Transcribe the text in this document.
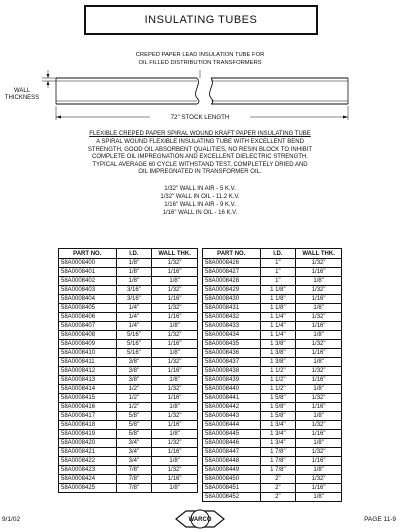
INSULATING TUBES
CREPED PAPER LEAD INSULATION TUBE FOR
OIL FILLED DISTRIBUTION TRANSFORMERS
WALL
THICKNESS
72" STOCK LENGTH
FLEXIBLE CREPED PAPER SPIRAL WOUND KRAFT PAPER INSULATING TUBE
A SPIRAL WOUND FLEXIBLE INSULATING TUBE WITH EXCELLENT BEND
STRENGTH, GOOD OIL ABSORBENT QUALITIES, NO RESIN BLOCK TO INHIBIT
COMPLETE OIL IMPREGNATION AND EXCELLENT DIELECTRIC STRENGTH.
TYPICAL AVERAGE 60 CYCLE WITHSTAND TEST, COMPLETELY DRIED AND
OIL IMPREGNATED IN TRANSFORMER OIL.
1/32" WALL IN AIR - 5 K.V.
1/32" WALL IN OIL - 11.2 K.V.
1/16" WALL IN AIR - 9 K.V.
1/16" WALL IN OIL - 16 K.V.
PART NO.	I.D.	WALL THK.
58A0008400	1/8"	1/32"
58A0008401	1/8"	1/16"
58A0008402	1/8"	1/8"
58A0008403	3/16"	1/32"
58A0008404	3/16"	1/16"
58A0008405	1/4"	1/32"
58A0008406	1/4"	1/16"
58A0008407	1/4"	1/8"
58A0008408	5/16"	1/32"
58A0008409	5/16"	1/16"
58A0008410	5/16"	1/8"
58A0008411	3/8"	1/32"
58A0008412	3/8"	1/16"
58A0008413	3/8"	1/8"
58A0008414	1/2"	1/32"
58A0008415	1/2"	1/16"
58A0008416	1/2"	1/8"
58A0008417	5/8"	1/32"
58A0008418	5/8"	1/16"
58A0008419	5/8"	1/8"
58A0008420	3/4"	1/32"
58A0008421	3/4"	1/16"
58A0008422	3/4"	1/8"
58A0008423	7/8"	1/32"
58A0008424	7/8"	1/16"
58A0008425	7/8"	1/8"
PART NO.	I.D.	WALL THK.
58A0008426	1"	1/32"
58A0008427	1"	1/16"
58A0008428	1"	1/8"
58A0008429	1 1/8"	1/32"
58A0008430	1 1/8"	1/16"
58A0008431	1 1/8"	1/8"
58A0008432	1 1/4"	1/32"
58A0008433	1 1/4"	1/16"
58A0008434	1 1/4"	1/8"
58A0008435	1 3/8"	1/32"
58A0008436	1 3/8"	1/16"
58A0008437	1 3/8"	1/8"
58A0008438	1 1/2"	1/32"
58A0008439	1 1/2"	1/16"
58A0008440	1 1/2"	1/8"
58A0008441	1 5/8"	1/32"
58A0008442	1 5/8"	1/16"
58A0008443	1 5/8"	1/8"
58A0008444	1 3/4"	1/32"
58A0008445	1 3/4"	1/16"
58A0008446	1 3/4"	1/8"
58A0008447	1 7/8"	1/32"
58A0008448	1 7/8"	1/16"
58A0008449	1 7/8"	1/8"
58A0008450	2"	1/32"
58A0008451	2"	1/16"
58A0008452	2"	1/8"
9/1/02	WARCO	PAGE 11-9
